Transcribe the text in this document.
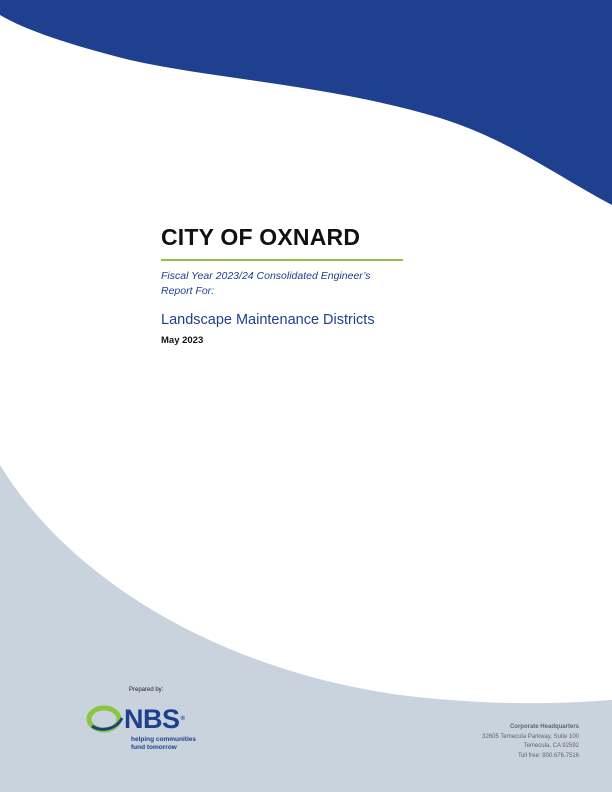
CITY OF OXNARD
Fiscal Year 2023/24 Consolidated Engineer’s
Report For:
Landscape Maintenance Districts
May 2023
Prepared by:
NBS®
helping communities
fund tomorrow
Corporate Headquarters
32605 Temecula Parkway, Suite 100
Temecula, CA 92592
Toll free: 800.676.7516
